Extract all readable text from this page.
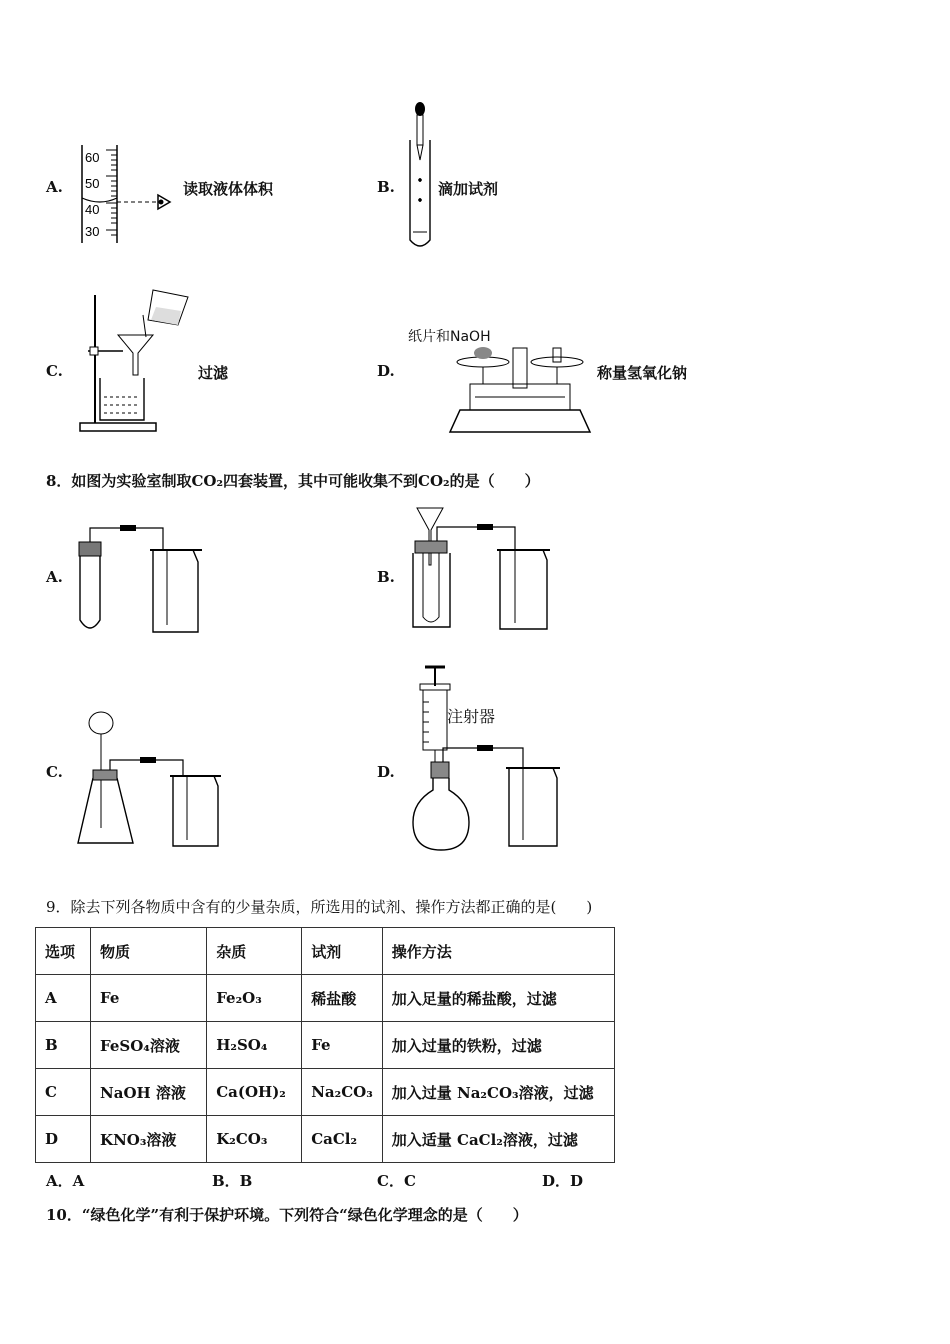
A.
60
50
40
30
读取液体体积	B.	滴加试剂
C.	过滤	D.
纸片和NaOH
称量氢氧化钠
8．如图为实验室制取CO₂四套装置，其中可能收集不到CO₂的是（　　）
A.	B.
C.	D.
注射器
9．除去下列各物质中含有的少量杂质，所选用的试剂、操作方法都正确的是(　　)
选项	物质	杂质	试剂	操作方法
A	Fe	Fe₂O₃	稀盐酸	加入足量的稀盐酸，过滤
B	FeSO₄溶液	H₂SO₄	Fe	加入过量的铁粉，过滤
C	NaOH 溶液	Ca(OH)₂	Na₂CO₃	加入过量 Na₂CO₃溶液，过滤
D	KNO₃溶液	K₂CO₃	CaCl₂	加入适量 CaCl₂溶液，过滤
A．A	B．B	C．C	D．D
10．“绿色化学”有利于保护环境。下列符合“绿色化学理念的是（　　）
